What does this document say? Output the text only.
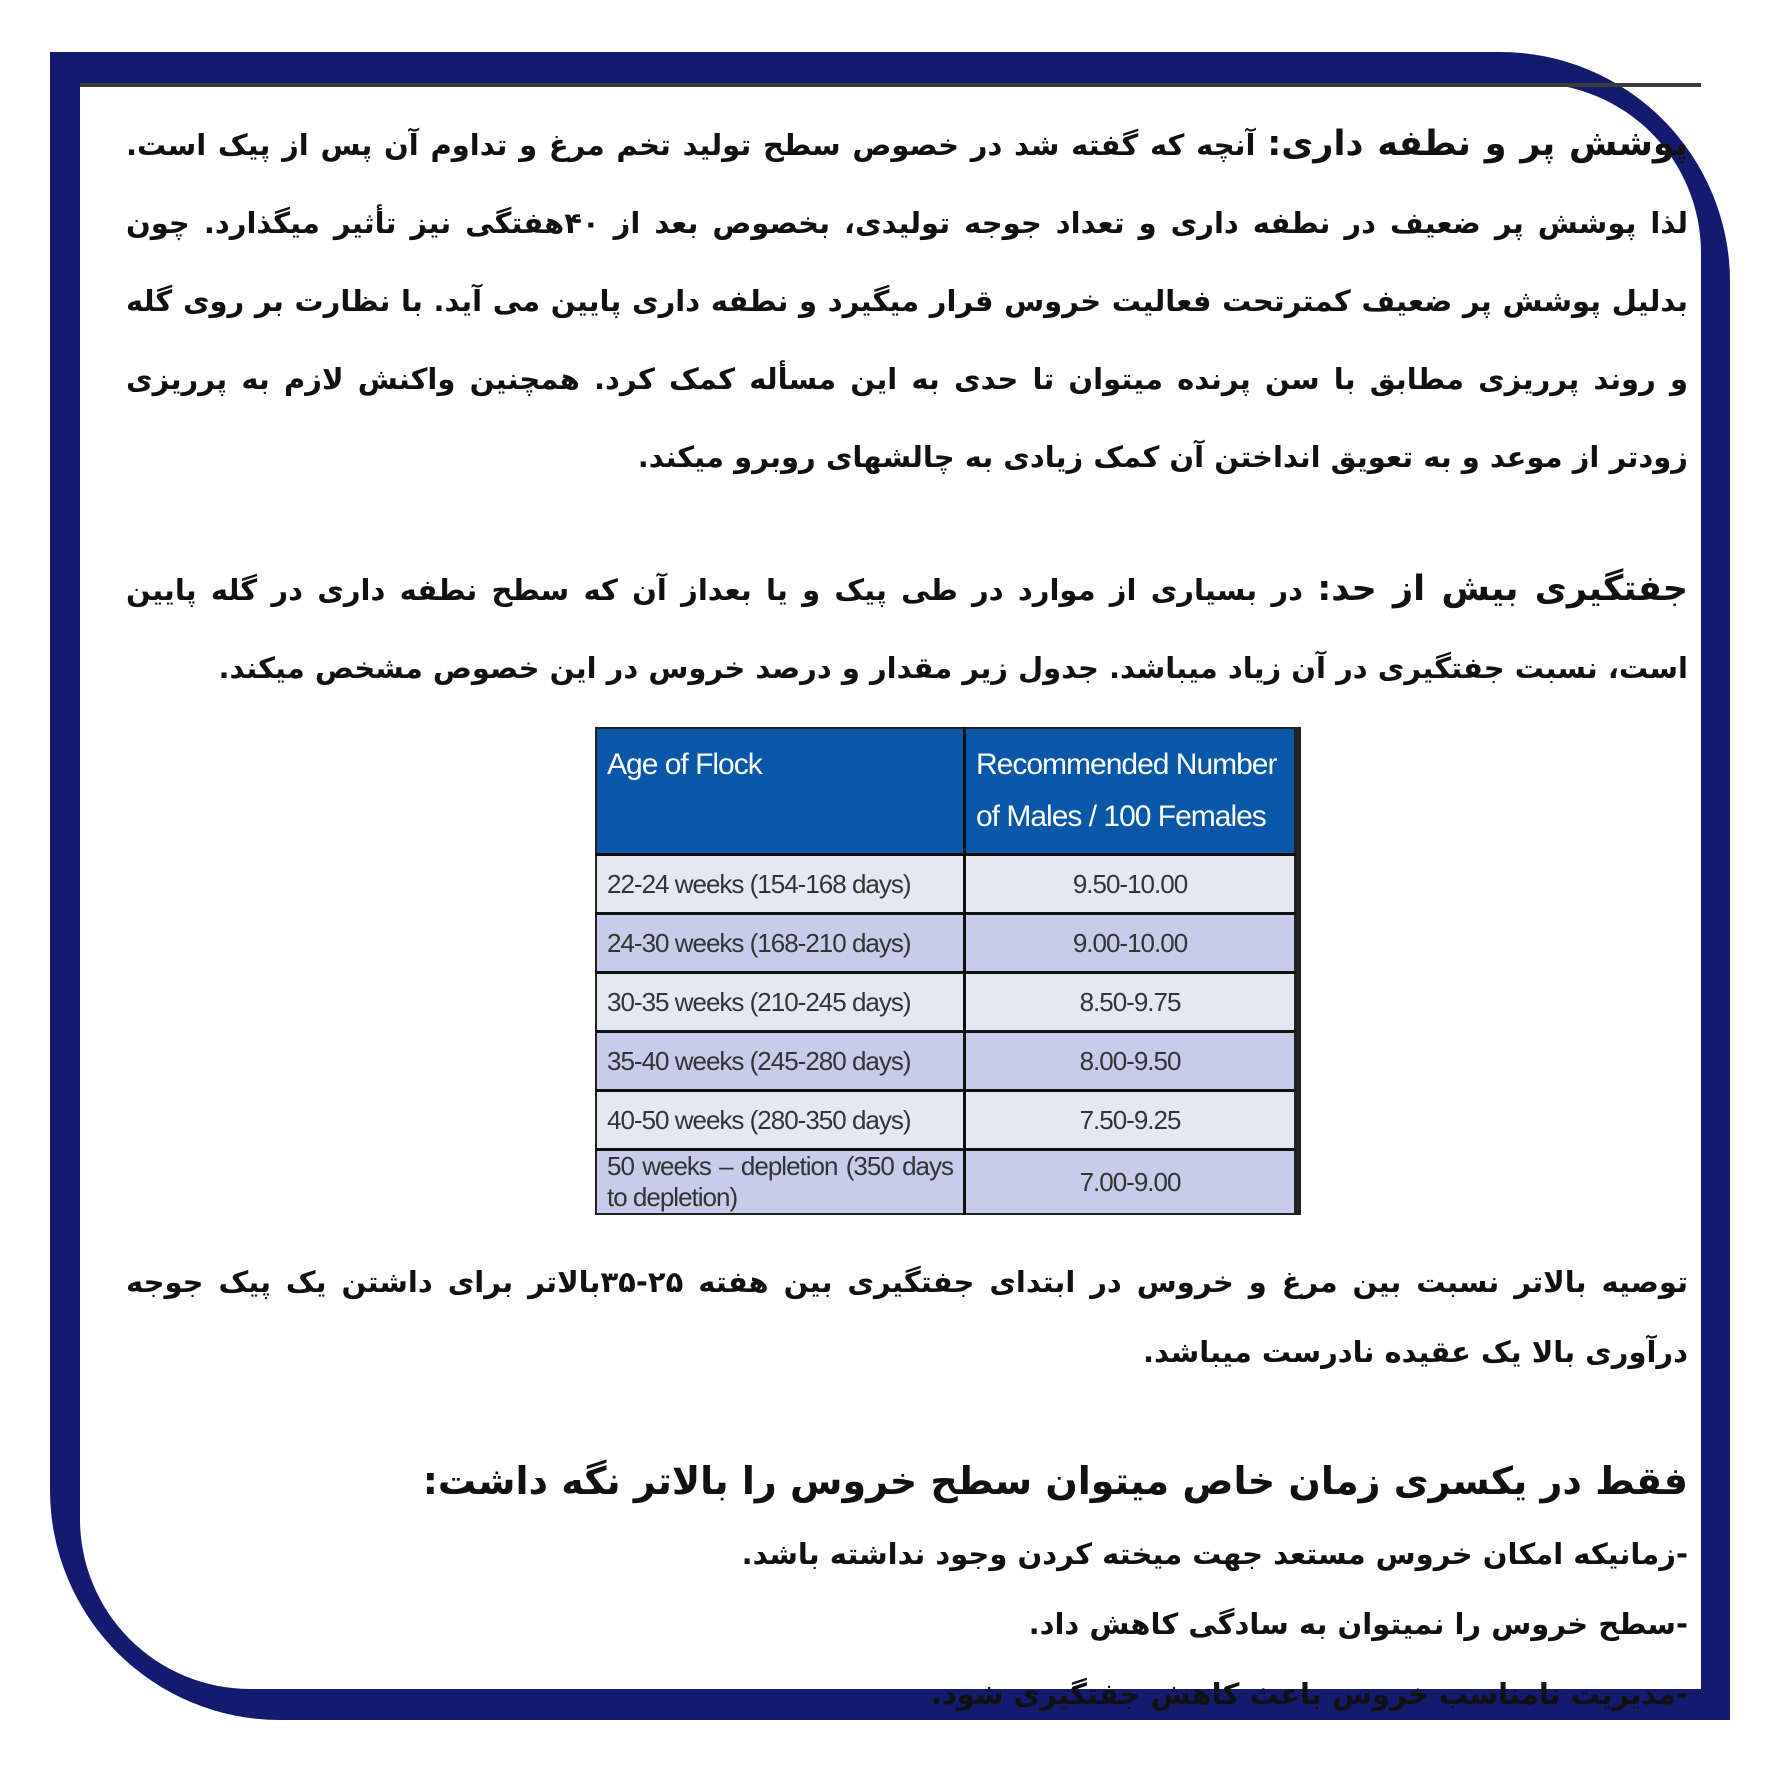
پوشش پر و نطفه داری: آنچه که گفته شد در خصوص سطح تولید تخم مرغ و تداوم آن پس از پیک است. لذا پوشش پر ضعیف در نطفه داری و تعداد جوجه تولیدی، بخصوص بعد از ۴۰هفتگی نیز تأثیر میگذارد. چون بدلیل پوشش پر ضعیف کمترتحت فعالیت خروس قرار میگیرد و نطفه داری پایین می آید. با نظارت بر روی گله و روند پرریزی مطابق با سن پرنده میتوان تا حدی به این مسأله کمک کرد. همچنین واکنش لازم به پرریزی زودتر از موعد و به تعویق انداختن آن کمک زیادی به چالشهای روبرو میکند.

جفتگیری بیش از حد: در بسیاری از موارد در طی پیک و یا بعداز آن که سطح نطفه داری در گله پایین است، نسبت جفتگیری در آن زیاد میباشد. جدول زیر مقدار و درصد خروس در این خصوص مشخص میکند.

Age of Flock	Recommended Number of Males / 100 Females
22-24 weeks (154-168 days)	9.50-10.00
24-30 weeks (168-210 days)	9.00-10.00
30-35 weeks (210-245 days)	8.50-9.75
35-40 weeks (245-280 days)	8.00-9.50
40-50 weeks (280-350 days)	7.50-9.25
50 weeks – depletion (350 days to depletion)	7.00-9.00

توصیه بالاتر نسبت بین مرغ و خروس در ابتدای جفتگیری بین هفته ۲۵-۳۵بالاتر برای داشتن یک پیک جوجه درآوری بالا یک عقیده نادرست میباشد.

فقط در یکسری زمان خاص میتوان سطح خروس را بالاتر نگه داشت:

-زمانیکه امکان خروس مستعد جهت میخته کردن وجود نداشته باشد.

-سطح خروس را نمیتوان به سادگی کاهش داد.

-مدیریت نامناسب خروس باعث کاهش جفتگیری شود.
